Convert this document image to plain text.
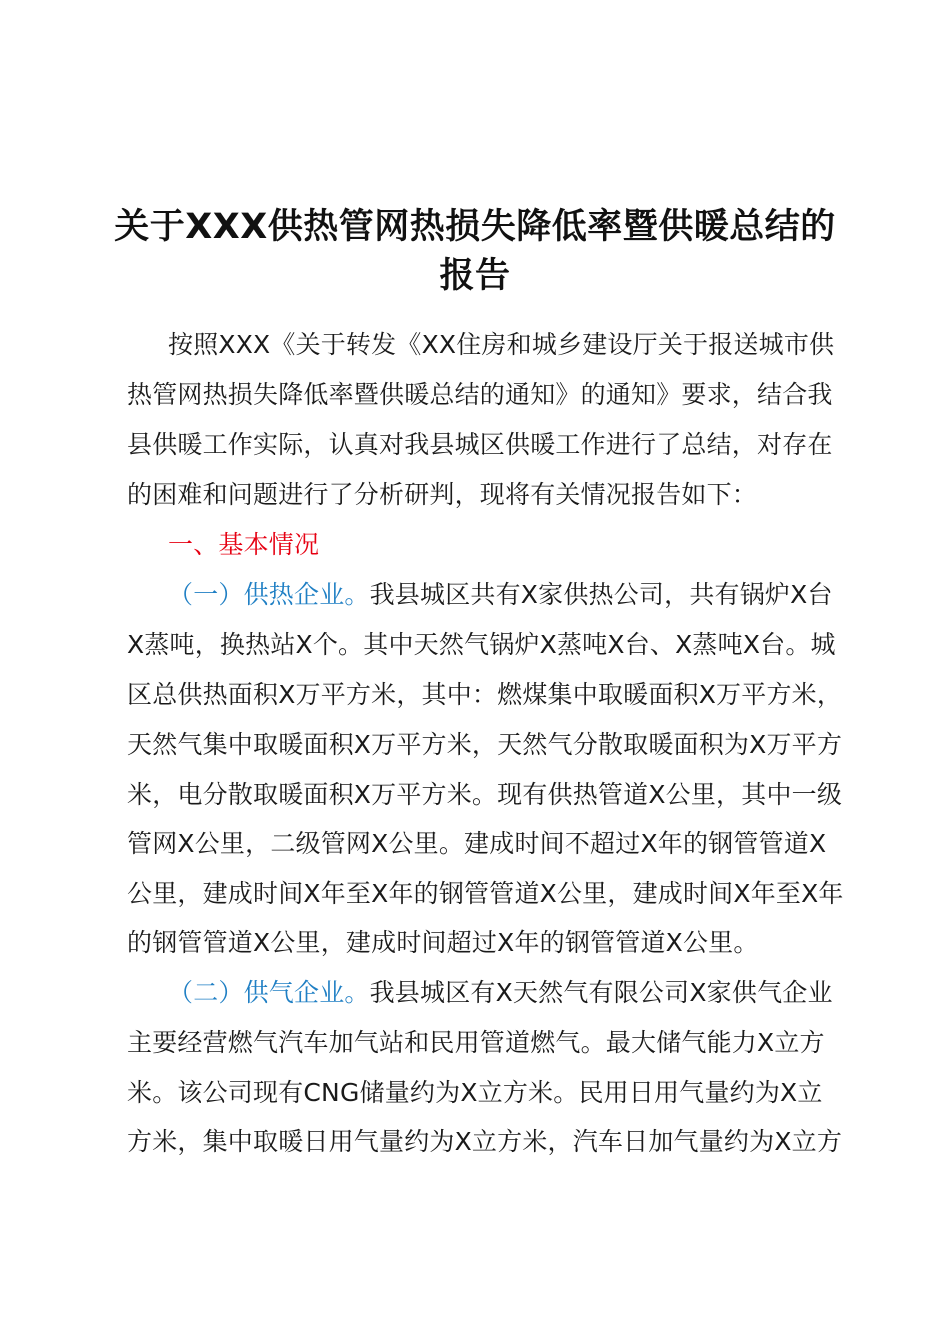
关于XXX供热管网热损失降低率暨供暖总结的
报告
按照XXX《关于转发《XX住房和城乡建设厅关于报送城市供
热管网热损失降低率暨供暖总结的通知》的通知》要求，结合我
县供暖工作实际，认真对我县城区供暖工作进行了总结，对存在
的困难和问题进行了分析研判，现将有关情况报告如下：
一、基本情况
（一）供热企业。我县城区共有X家供热公司，共有锅炉X台
X蒸吨，换热站X个。其中天然气锅炉X蒸吨X台、X蒸吨X台。城
区总供热面积X万平方米，其中：燃煤集中取暖面积X万平方米，
天然气集中取暖面积X万平方米，天然气分散取暖面积为X万平方
米，电分散取暖面积X万平方米。现有供热管道X公里，其中一级
管网X公里，二级管网X公里。建成时间不超过X年的钢管管道X
公里，建成时间X年至X年的钢管管道X公里，建成时间X年至X年
的钢管管道X公里，建成时间超过X年的钢管管道X公里。
（二）供气企业。我县城区有X天然气有限公司X家供气企业
主要经营燃气汽车加气站和民用管道燃气。最大储气能力X立方
米。该公司现有CNG储量约为X立方米。民用日用气量约为X立
方米，集中取暖日用气量约为X立方米，汽车日加气量约为X立方
